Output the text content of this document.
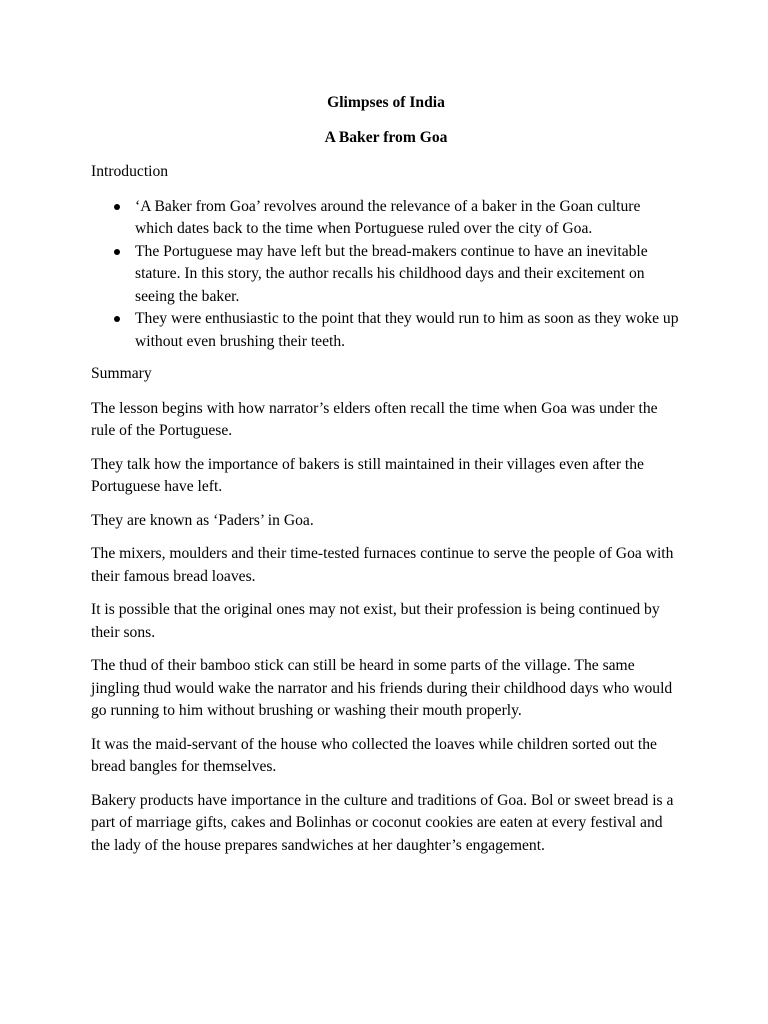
Glimpses of India
A Baker from Goa
Introduction
‘A Baker from Goa’ revolves around the relevance of a baker in the Goan culture which dates back to the time when Portuguese ruled over the city of Goa.
The Portuguese may have left but the bread-makers continue to have an inevitable stature. In this story, the author recalls his childhood days and their excitement on seeing the baker.
They were enthusiastic to the point that they would run to him as soon as they woke up without even brushing their teeth.
Summary

The lesson begins with how narrator’s elders often recall the time when Goa was under the rule of the Portuguese.

They talk how the importance of bakers is still maintained in their villages even after the Portuguese have left.

They are known as ‘Paders’ in Goa.

The mixers, moulders and their time-tested furnaces continue to serve the people of Goa with their famous bread loaves.

It is possible that the original ones may not exist, but their profession is being continued by their sons.

The thud of their bamboo stick can still be heard in some parts of the village. The same jingling thud would wake the narrator and his friends during their childhood days who would go running to him without brushing or washing their mouth properly.

It was the maid-servant of the house who collected the loaves while children sorted out the bread bangles for themselves.

Bakery products have importance in the culture and traditions of Goa. Bol or sweet bread is a part of marriage gifts, cakes and Bolinhas or coconut cookies are eaten at every festival and the lady of the house prepares sandwiches at her daughter’s engagement.
